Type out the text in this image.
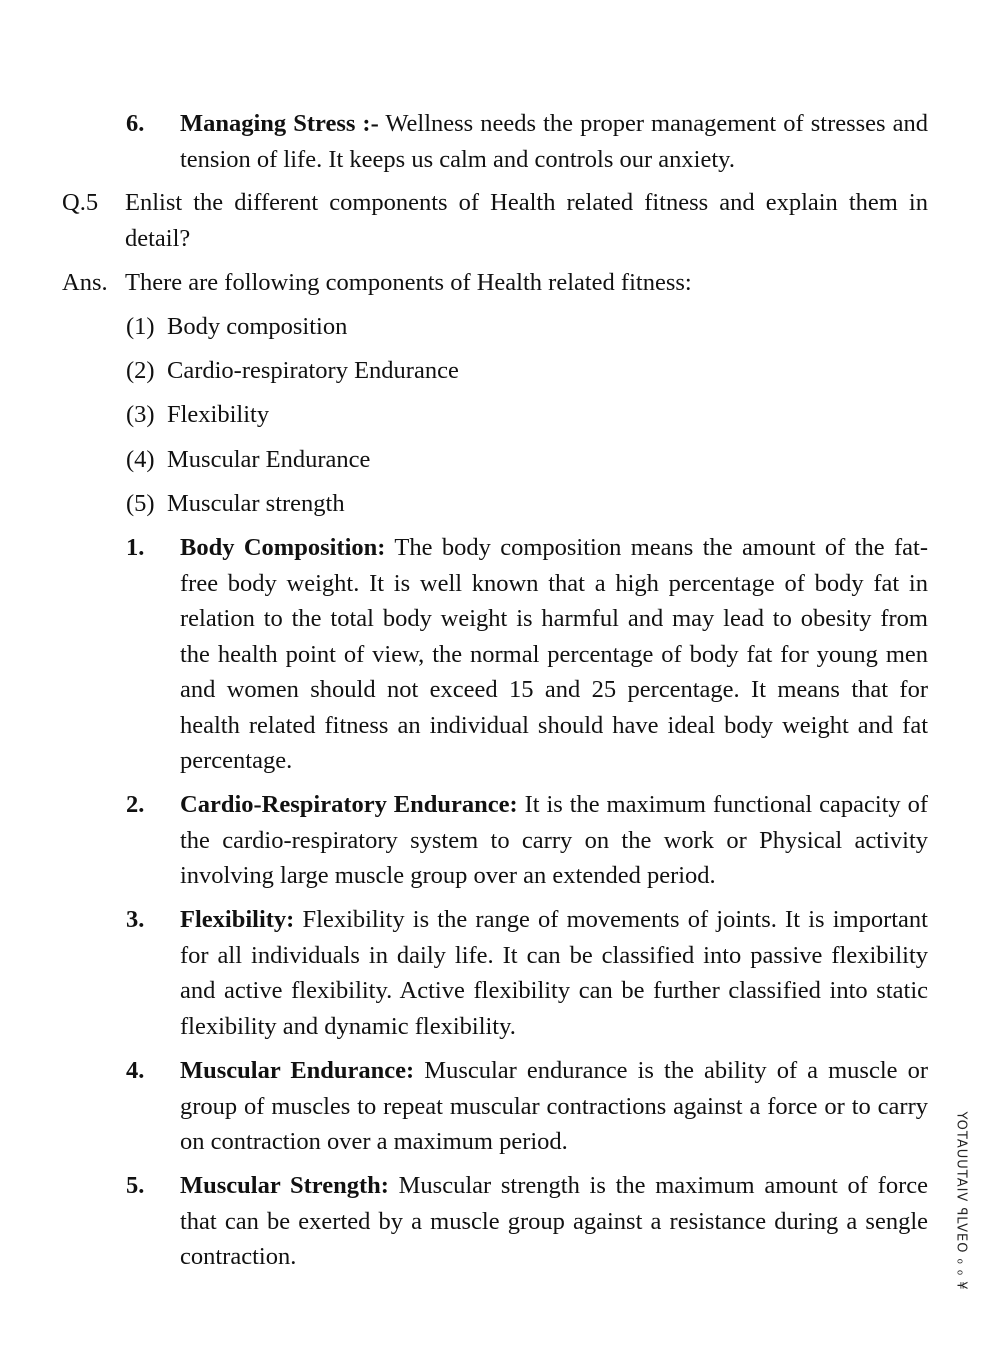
6. Managing Stress :- Wellness needs the proper management of stresses and tension of life. It keeps us calm and controls our anxiety.
Q.5 Enlist the different components of Health related fitness and explain them in detail?
Ans. There are following components of Health related fitness:
(1) Body composition
(2) Cardio-respiratory Endurance
(3) Flexibility
(4) Muscular Endurance
(5) Muscular strength
1. Body Composition: The body composition means the amount of the fat-free body weight. It is well known that a high percentage of body fat in relation to the total body weight is harmful and may lead to obesity from the health point of view, the normal percentage of body fat for young men and women should not exceed 15 and 25 percentage. It means that for health related fitness an individual should have ideal body weight and fat percentage.
2. Cardio-Respiratory Endurance: It is the maximum functional capacity of the cardio-respiratory system to carry on the work or Physical activity involving large muscle group over an extended period.
3. Flexibility: Flexibility is the range of movements of joints. It is important for all individuals in daily life. It can be classified into passive flexibility and active flexibility. Active flexibility can be further classified into static flexibility and dynamic flexibility.
4. Muscular Endurance: Muscular endurance is the ability of a muscle or group of muscles to repeat muscular contractions against a force or to carry on contraction over a maximum period.
5. Muscular Strength: Muscular strength is the maximum amount of force that can be exerted by a muscle group against a resistance during a sengle contraction.	YOTAUUTAIV ꟼLVEO ₀ ₀ ¥
